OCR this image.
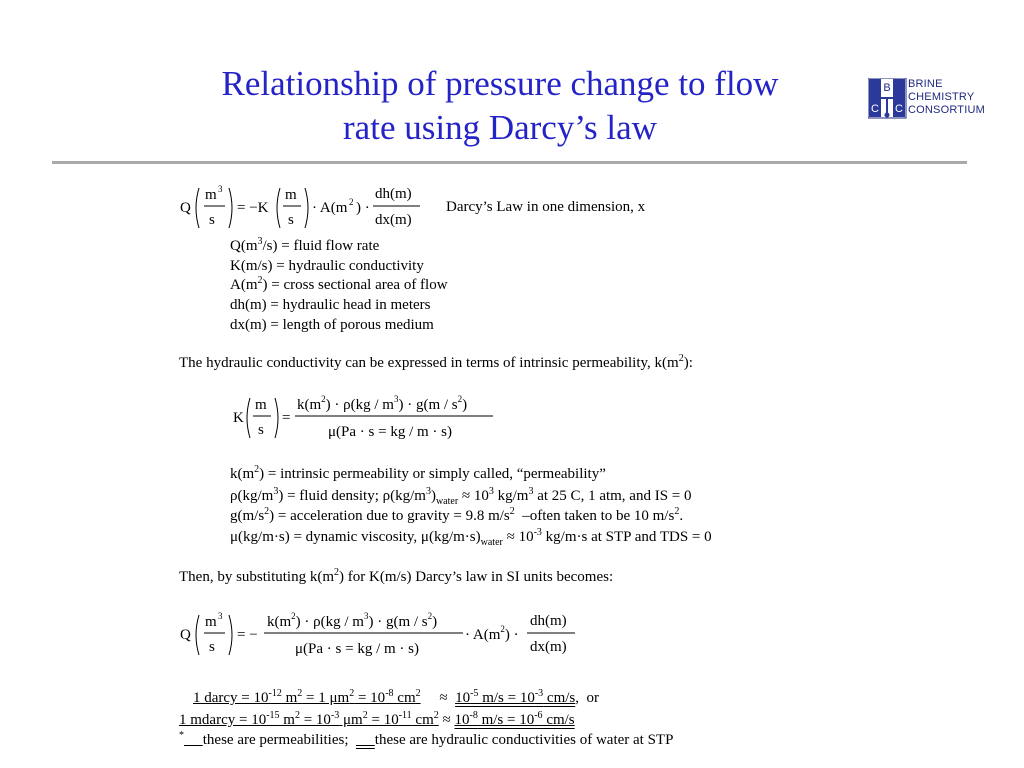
Relationship of pressure change to flow
rate using Darcy’s law
B
C C
BRINE
CHEMISTRY
CONSORTIUM
Q
m 3
s
= −K
m
s
· A(m 2 ) ·
dh(m)
dx(m)
Darcy’s Law in one dimension, x
$Q(m^3/s)$ = fluid flow rate
K(m/s) = hydraulic conductivity
$A(m^2)$ = cross sectional area of flow
dh(m) = hydraulic head in meters
dx(m) = length of porous medium
The hydraulic conductivity can be expressed in terms of intrinsic permeability, $k(m^2)$:
K
m
s
=
$k(m^2) \cdot \rho(kg / m^3) \cdot g(m / s^2)$
μ(Pa · s = kg / m · s)
$k(m^2)$ = intrinsic permeability or simply called, “permeability”
$\rho(kg/m^3)$ = fluid density; $\rho(kg/m^3)_{water} \approx 10^3$ $kg/m^3$ at 25 C, 1 atm, and IS = 0
$g(m/s^2)$ = acceleration due to gravity = 9.8 $m/s^2$  –often taken to be 10 $m/s^2$.
μ(kg/m·s) = dynamic viscosity, $\mu(kg/m\cdot s)_{water} \approx 10^{-3}$ kg/m·s at STP and TDS = 0
Then, by substituting $k(m^2)$ for K(m/s) Darcy’s law in SI units becomes:
Q
m 3
s
= −
$k(m^2) \cdot \rho(kg / m^3) \cdot g(m / s^2)$
μ(Pa · s = kg / m · s)
· $A(m^2)$ ·
dh(m)
dx(m)
1 darcy = $10^{-12}$ $m^2 = 1$ $\mu m^2 = 10^{-8}$ $cm^2$     ≈  $10^{-5}$ $m/s = 10^{-3}$ cm/s,  or
1 mdarcy = $10^{-15}$ $m^2 = 10^{-3}$ $\mu m^2 = 10^{-11}$ $cm^2 \approx 10^{-8}$ $m/s = 10^{-6}$ cm/s
* these are permeabilities;       these are hydraulic conductivities of water at STP
